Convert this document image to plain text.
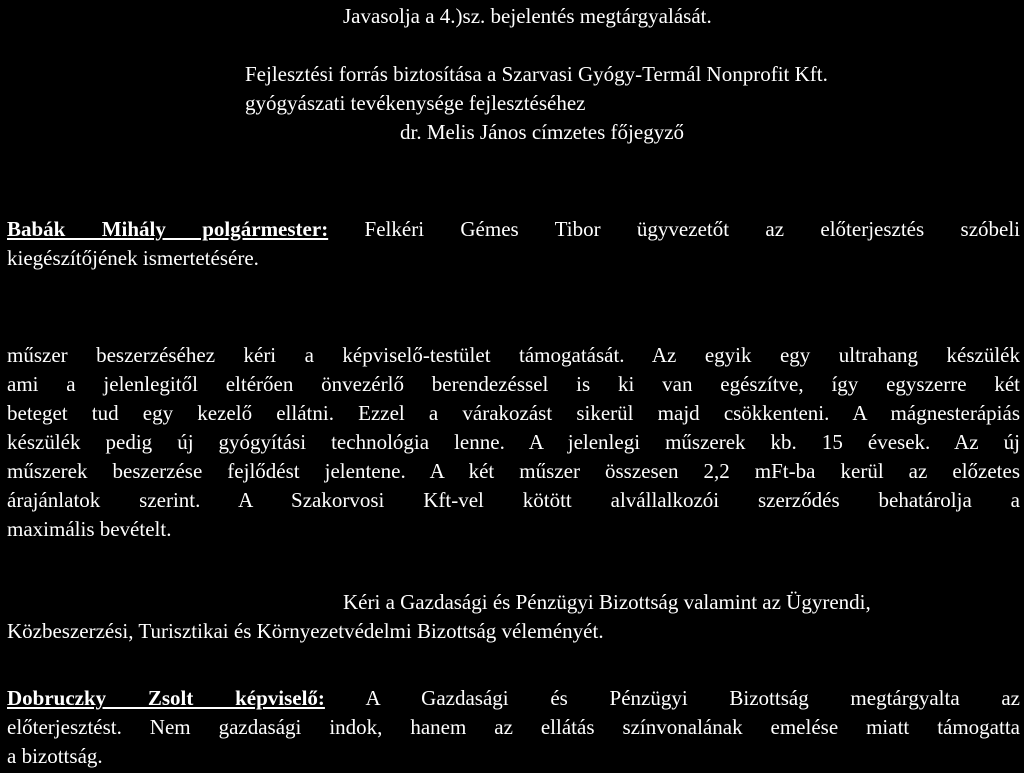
Javasolja a 4.)sz. bejelentés megtárgyalását.
Fejlesztési forrás biztosítása a Szarvasi Gyógy-Termál Nonprofit Kft.
gyógyászati tevékenysége fejlesztéséhez
dr. Melis János címzetes főjegyző
Babák Mihály polgármester: Felkéri Gémes Tibor ügyvezetőt az előterjesztés szóbeli
kiegészítőjének ismertetésére.
műszer beszerzéséhez kéri a képviselő-testület támogatását. Az egyik egy ultrahang készülék
ami a jelenlegitől eltérően önvezérlő berendezéssel is ki van egészítve, így egyszerre két
beteget tud egy kezelő ellátni. Ezzel a várakozást sikerül majd csökkenteni. A mágnesterápiás
készülék pedig új gyógyítási technológia lenne. A jelenlegi műszerek kb. 15 évesek. Az új
műszerek beszerzése fejlődést jelentene. A két műszer összesen 2,2 mFt-ba kerül az előzetes
árajánlatok szerint. A Szakorvosi Kft-vel kötött alvállalkozói szerződés behatárolja a
maximális bevételt.
Kéri a Gazdasági és Pénzügyi Bizottság valamint az Ügyrendi,
Közbeszerzési, Turisztikai és Környezetvédelmi Bizottság véleményét.
Dobruczky Zsolt képviselő: A Gazdasági és Pénzügyi Bizottság megtárgyalta az
előterjesztést. Nem gazdasági indok, hanem az ellátás színvonalának emelése miatt támogatta
a bizottság.
